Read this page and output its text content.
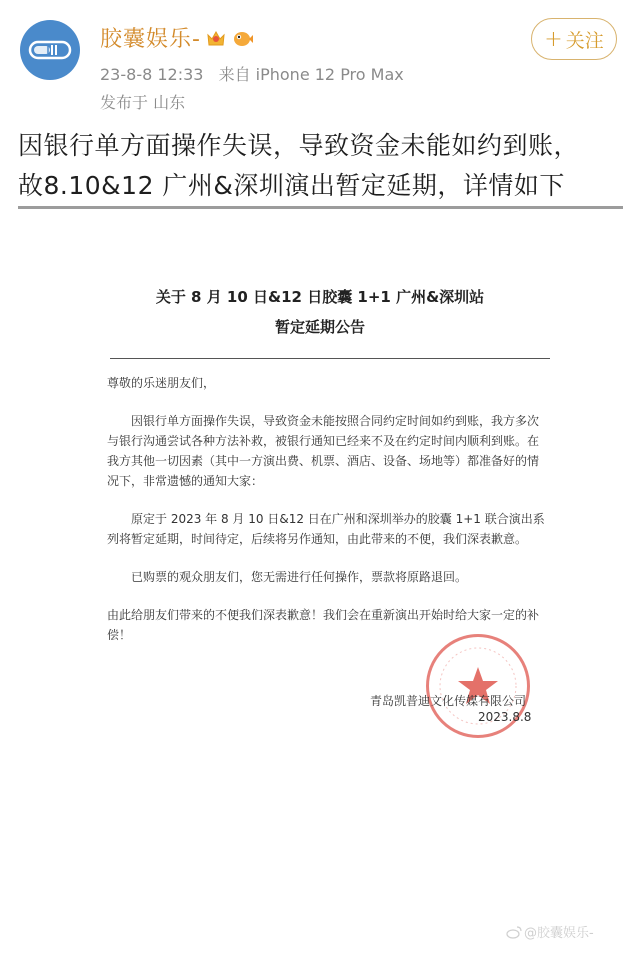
胶囊娱乐-
23-8-8 12:33 来自 iPhone 12 Pro Max
发布于 山东
+ 关注
因银行单方面操作失误，导致资金未能如约到账，
故8.10&12 广州&深圳演出暂定延期，详情如下
关于 8 月 10 日&12 日胶囊 1+1 广州&深圳站
暂定延期公告

尊敬的乐迷朋友们，

因银行单方面操作失误，导致资金未能按照合同约定时间如约到账，我方多次与银行沟通尝试各种方法补救，被银行通知已经来不及在约定时间内顺利到账。在我方其他一切因素（其中一方演出费、机票、酒店、设备、场地等）都准备好的情况下，非常遗憾的通知大家：

原定于 2023 年 8 月 10 日&12 日在广州和深圳举办的胶囊 1+1 联合演出系列将暂定延期，时间待定，后续将另作通知，由此带来的不便，我们深表歉意。

已购票的观众朋友们，您无需进行任何操作，票款将原路退回。

由此给朋友们带来的不便我们深表歉意！我们会在重新演出开始时给大家一定的补偿！

青岛凯普迪文化传媒有限公司
2023.8.8
@胶囊娱乐-
